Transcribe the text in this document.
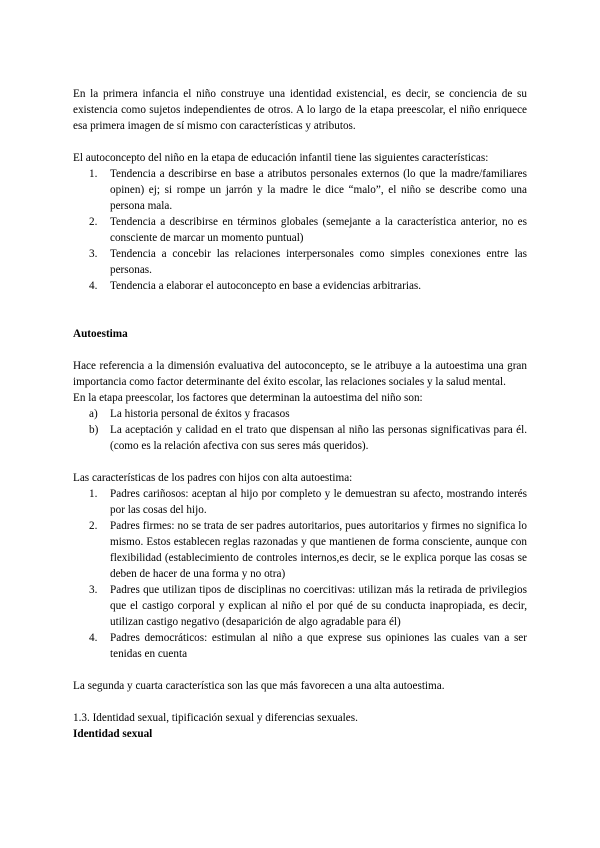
En la primera infancia el niño construye una identidad existencial, es decir, se conciencia de su existencia como sujetos independientes de otros. A lo largo de la etapa preescolar, el niño enriquece esa primera imagen de sí mismo con características y atributos.

El autoconcepto del niño en la etapa de educación infantil tiene las siguientes características:

1. Tendencia a describirse en base a atributos personales externos (lo que la madre/familiares opinen) ej; si rompe un jarrón y la madre le dice “malo”, el niño se describe como una persona mala.
2. Tendencia a describirse en términos globales (semejante a la característica anterior, no es consciente de marcar un momento puntual)
3. Tendencia a concebir las relaciones interpersonales como simples conexiones entre las personas.
4. Tendencia a elaborar el autoconcepto en base a evidencias arbitrarias.

Autoestima

Hace referencia a la dimensión evaluativa del autoconcepto, se le atribuye a la autoestima una gran importancia como factor determinante del éxito escolar, las relaciones sociales y la salud mental.

En la etapa preescolar, los factores que determinan la autoestima del niño son:

a) La historia personal de éxitos y fracasos
b) La aceptación y calidad en el trato que dispensan al niño las personas significativas para él. (como es la relación afectiva con sus seres más queridos).

Las características de los padres con hijos con alta autoestima:

1. Padres cariñosos: aceptan al hijo por completo y le demuestran su afecto, mostrando interés por las cosas del hijo.
2. Padres firmes: no se trata de ser padres autoritarios, pues autoritarios y firmes no significa lo mismo. Estos establecen reglas razonadas y que mantienen de forma consciente, aunque con flexibilidad (establecimiento de controles internos,es decir, se le explica porque las cosas se deben de hacer de una forma y no otra)
3. Padres que utilizan tipos de disciplinas no coercitivas: utilizan más la retirada de privilegios que el castigo corporal y explican al niño el por qué de su conducta inapropiada, es decir, utilizan castigo negativo (desaparición de algo agradable para él)
4. Padres democráticos: estimulan al niño a que exprese sus opiniones las cuales van a ser tenidas en cuenta

La segunda y cuarta característica son las que más favorecen a una alta autoestima.

1.3. Identidad sexual, tipificación sexual y diferencias sexuales.

Identidad sexual
